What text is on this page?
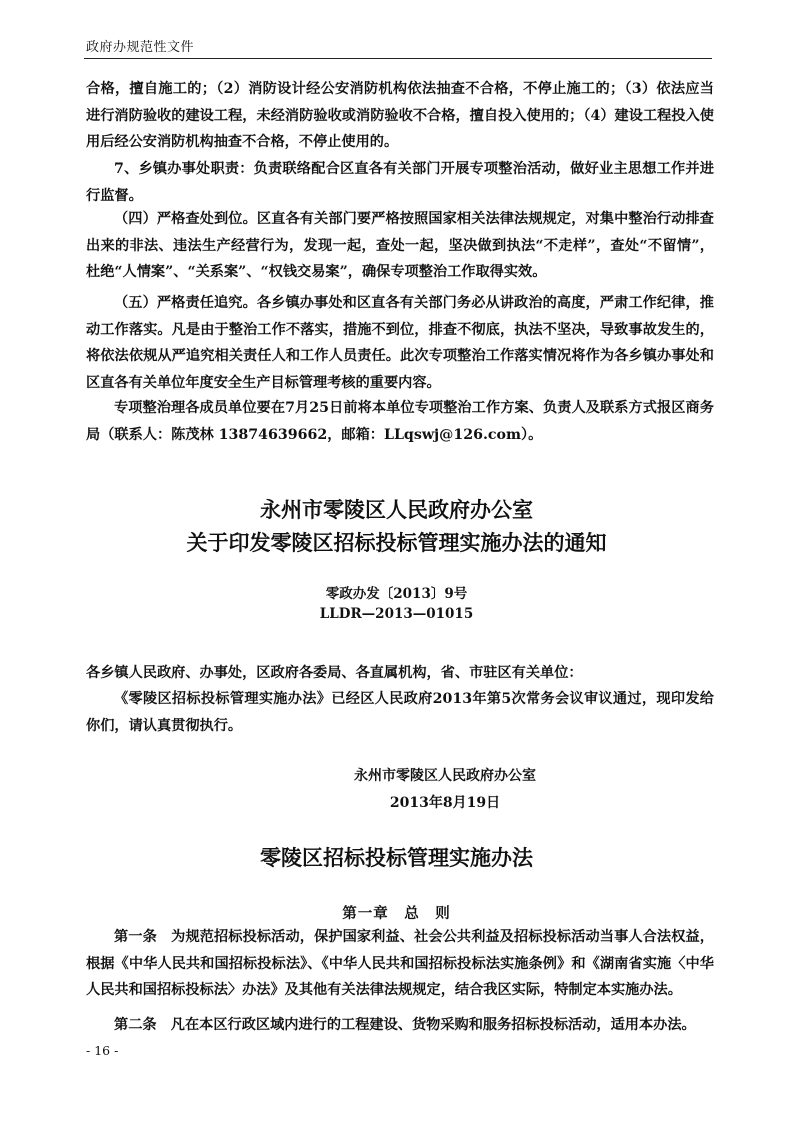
政府办规范性文件

合格，擅自施工的；（2）消防设计经公安消防机构依法抽查不合格，不停止施工的；（3）依法应当进行消防验收的建设工程，未经消防验收或消防验收不合格，擅自投入使用的；（4）建设工程投入使用后经公安消防机构抽查不合格，不停止使用的。

7、乡镇办事处职责：负责联络配合区直各有关部门开展专项整治活动，做好业主思想工作并进行监督。

（四）严格查处到位。区直各有关部门要严格按照国家相关法律法规规定，对集中整治行动排查出来的非法、违法生产经营行为，发现一起，查处一起，坚决做到执法“不走样”，查处“不留情”，杜绝“人情案”、“关系案”、“权钱交易案”，确保专项整治工作取得实效。

（五）严格责任追究。各乡镇办事处和区直各有关部门务必从讲政治的高度，严肃工作纪律，推动工作落实。凡是由于整治工作不落实，措施不到位，排查不彻底，执法不坚决，导致事故发生的，将依法依规从严追究相关责任人和工作人员责任。此次专项整治工作落实情况将作为各乡镇办事处和区直各有关单位年度安全生产目标管理考核的重要内容。

专项整治理各成员单位要在7月25日前将本单位专项整治工作方案、负责人及联系方式报区商务局（联系人：陈茂林 13874639662，邮箱：LLqswj@126.com）。

永州市零陵区人民政府办公室
关于印发零陵区招标投标管理实施办法的通知
零政办发〔2013〕9号
LLDR—2013—01015

各乡镇人民政府、办事处，区政府各委局、各直属机构，省、市驻区有关单位：

《零陵区招标投标管理实施办法》已经区人民政府2013年第5次常务会议审议通过，现印发给你们，请认真贯彻执行。

永州市零陵区人民政府办公室
2013年8月19日
零陵区招标投标管理实施办法
第一章　总　则

第一条　为规范招标投标活动，保护国家利益、社会公共利益及招标投标活动当事人合法权益，根据《中华人民共和国招标投标法》、《中华人民共和国招标投标法实施条例》和《湖南省实施〈中华人民共和国招标投标法〉办法》及其他有关法律法规规定，结合我区实际，特制定本实施办法。

第二条　凡在本区行政区域内进行的工程建设、货物采购和服务招标投标活动，适用本办法。

- 16 -
